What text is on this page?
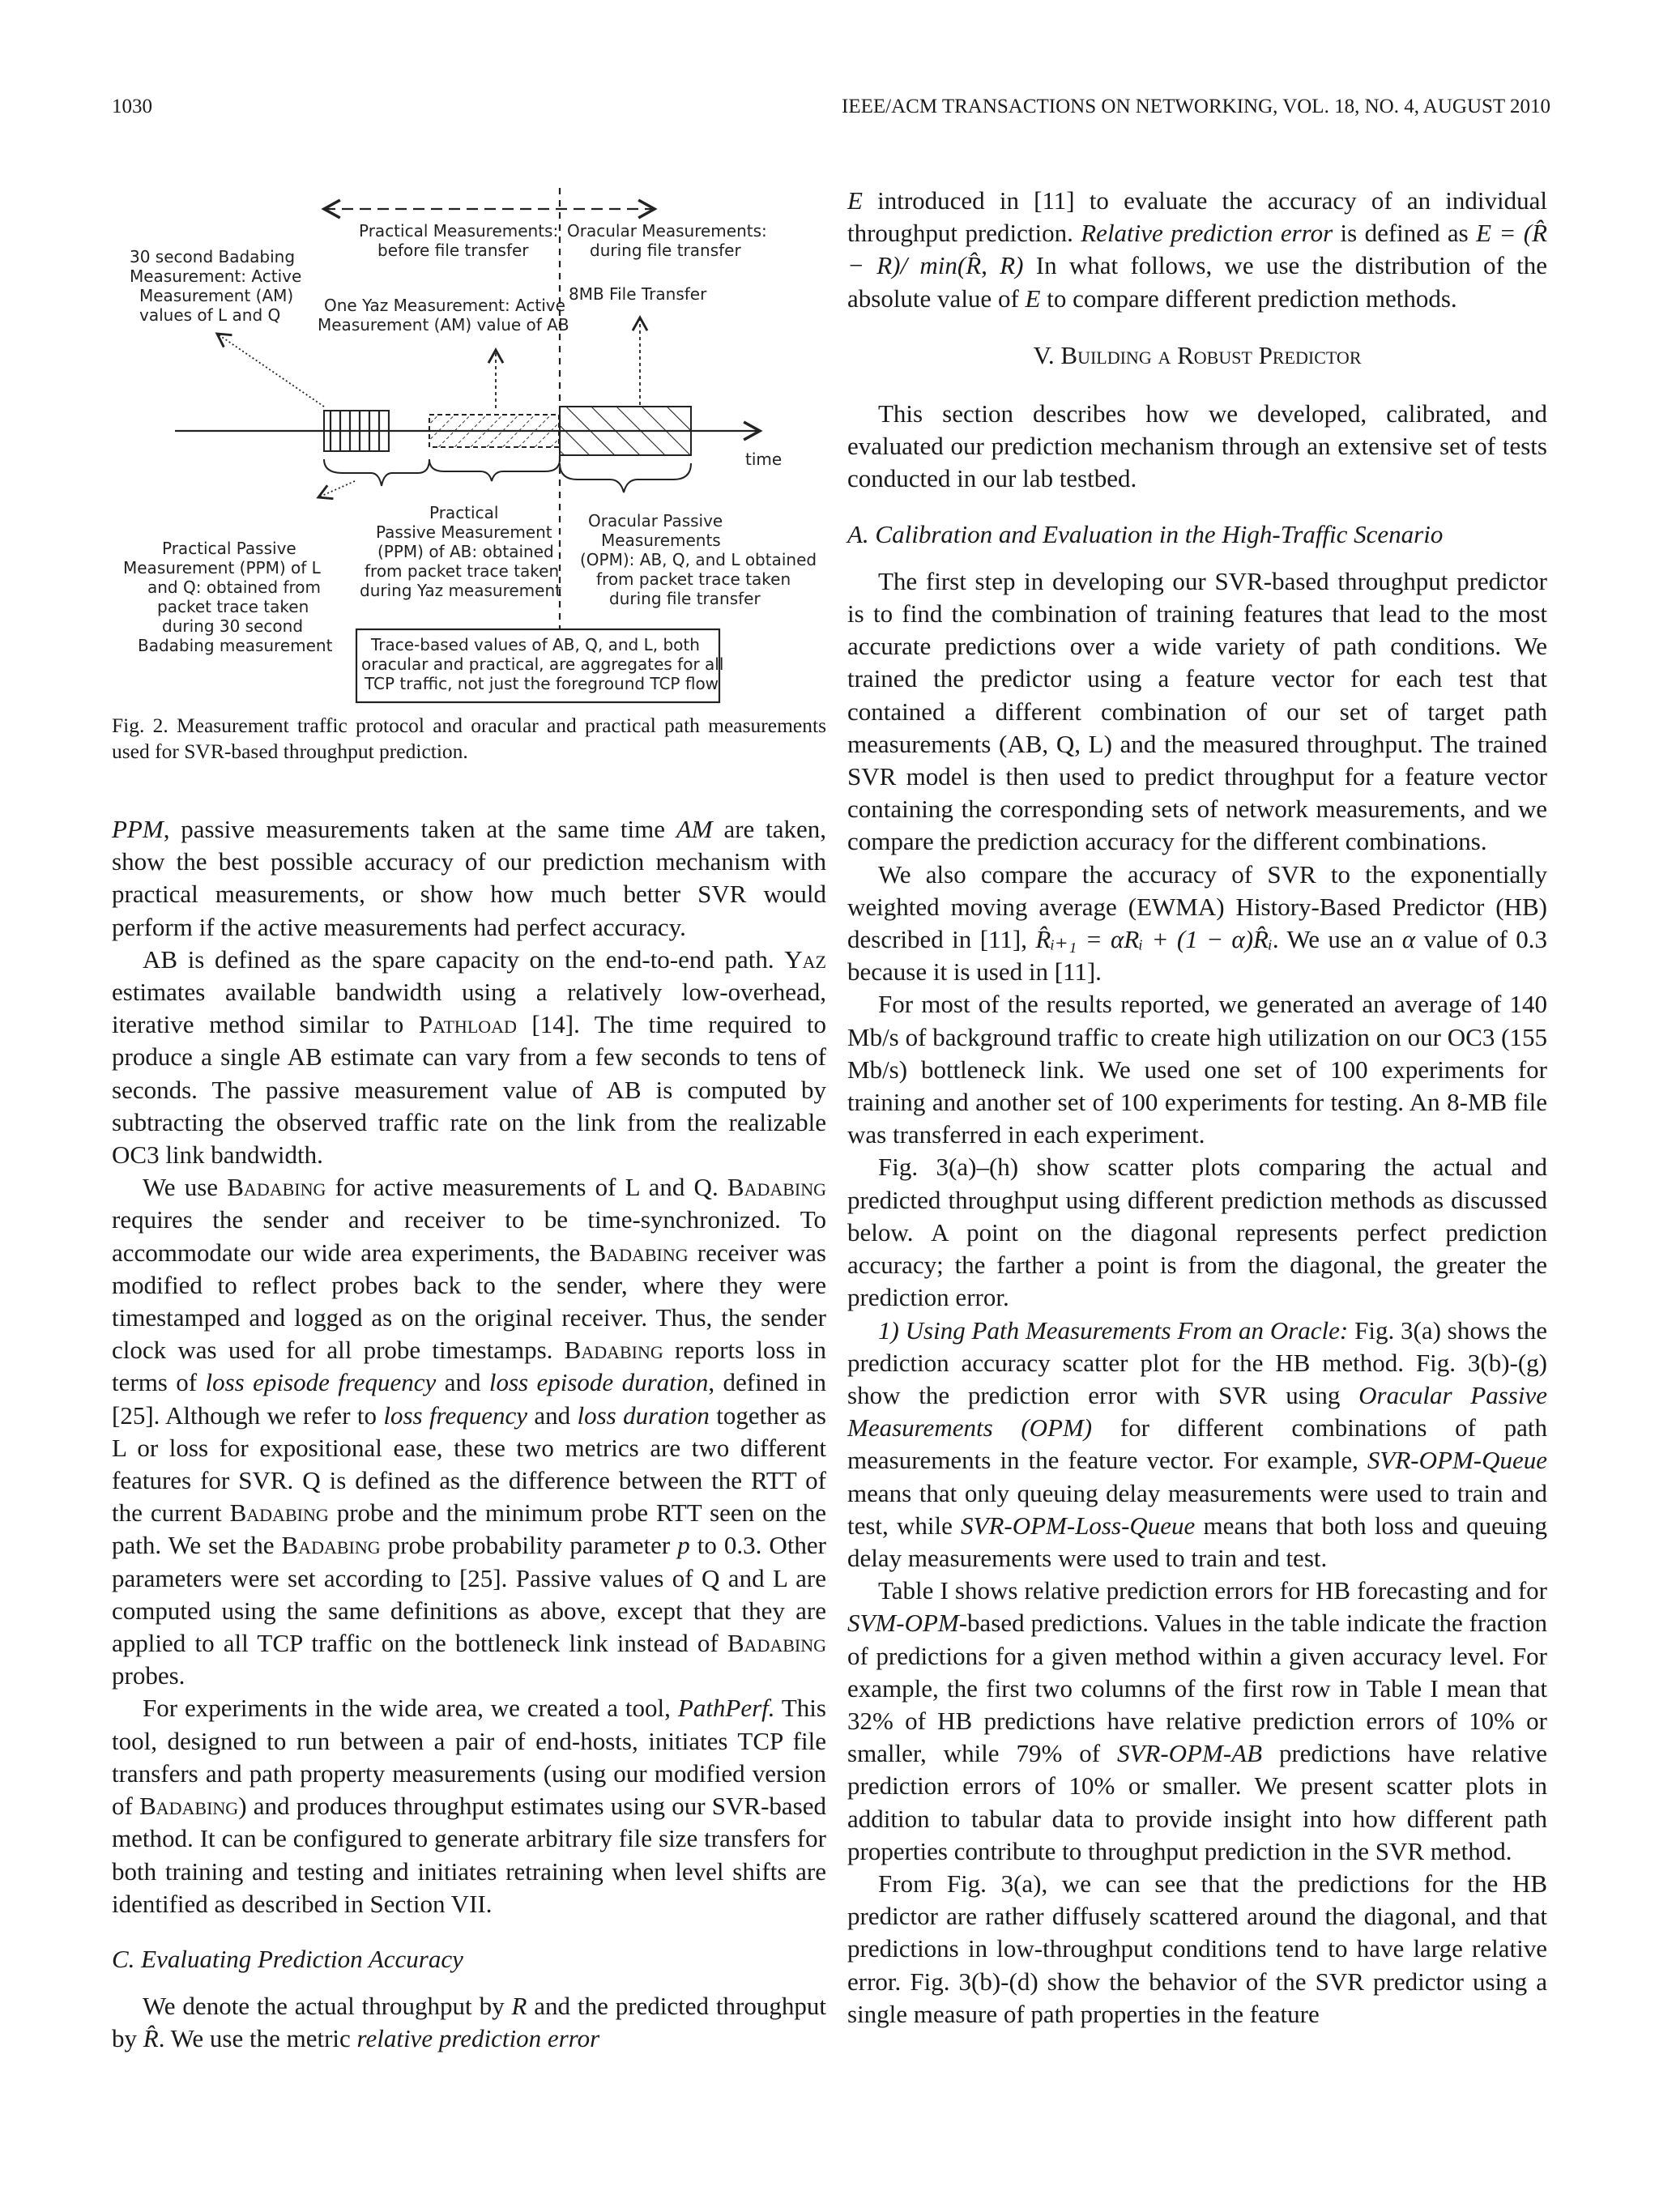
1030	IEEE/ACM TRANSACTIONS ON NETWORKING, VOL. 18, NO. 4, AUGUST 2010
Practical Measurements:
before file transfer
Oracular Measurements:
during file transfer
30 second Badabing
Measurement: Active
Measurement (AM)
values of L and Q	One Yaz Measurement: Active
Measurement (AM) value of AB
8MB File Transfer
time
Practical
Passive Measurement
(PPM) of AB: obtained
from packet trace taken
during Yaz measurement
Oracular Passive
Measurements
(OPM): AB, Q, and L obtained
from packet trace taken
during file transfer
Practical Passive
Measurement (PPM) of L
and Q: obtained from
packet trace taken
during 30 second
Badabing measurement Trace-based values of AB, Q, and L, both
oracular and practical, are aggregates for all
TCP traffic, not just the foreground TCP flow
Fig. 2. Measurement traffic protocol and oracular and practical path measurements used for SVR-based throughput prediction.

PPM, passive measurements taken at the same time AM are taken, show the best possible accuracy of our prediction mechanism with practical measurements, or show how much better SVR would perform if the active measurements had perfect accuracy.

AB is defined as the spare capacity on the end-to-end path. Yaz estimates available bandwidth using a relatively low-overhead, iterative method similar to Pathload [14]. The time required to produce a single AB estimate can vary from a few seconds to tens of seconds. The passive measurement value of AB is computed by subtracting the observed traffic rate on the link from the realizable OC3 link bandwidth.

We use Badabing for active measurements of L and Q. Badabing requires the sender and receiver to be time-synchronized. To accommodate our wide area experiments, the Badabing receiver was modified to reflect probes back to the sender, where they were timestamped and logged as on the original receiver. Thus, the sender clock was used for all probe timestamps. Badabing reports loss in terms of loss episode frequency and loss episode duration, defined in [25]. Although we refer to loss frequency and loss duration together as L or loss for expositional ease, these two metrics are two different features for SVR. Q is defined as the difference between the RTT of the current Badabing probe and the minimum probe RTT seen on the path. We set the Badabing probe probability parameter p to 0.3. Other parameters were set according to [25]. Passive values of Q and L are computed using the same definitions as above, except that they are applied to all TCP traffic on the bottleneck link instead of Badabing probes.

For experiments in the wide area, we created a tool, PathPerf. This tool, designed to run between a pair of end-hosts, initiates TCP file transfers and path property measurements (using our modified version of Badabing) and produces throughput estimates using our SVR-based method. It can be configured to generate arbitrary file size transfers for both training and testing and initiates retraining when level shifts are identified as described in Section VII.

C. Evaluating Prediction Accuracy

We denote the actual throughput by R and the predicted throughput by R̂. We use the metric relative prediction error

E introduced in [11] to evaluate the accuracy of an individual throughput prediction. Relative prediction error is defined as E = (R̂ − R)/ min(R̂, R) In what follows, we use the distribution of the absolute value of E to compare different prediction methods.

V. Building a Robust Predictor

This section describes how we developed, calibrated, and evaluated our prediction mechanism through an extensive set of tests conducted in our lab testbed.

A. Calibration and Evaluation in the High-Traffic Scenario

The first step in developing our SVR-based throughput predictor is to find the combination of training features that lead to the most accurate predictions over a wide variety of path conditions. We trained the predictor using a feature vector for each test that contained a different combination of our set of target path measurements (AB, Q, L) and the measured throughput. The trained SVR model is then used to predict throughput for a feature vector containing the corresponding sets of network measurements, and we compare the prediction accuracy for the different combinations.

We also compare the accuracy of SVR to the exponentially weighted moving average (EWMA) History-Based Predictor (HB) described in [11], R̂ᵢ₊₁ = αRᵢ + (1 − α)R̂ᵢ. We use an α value of 0.3 because it is used in [11].

For most of the results reported, we generated an average of 140 Mb/s of background traffic to create high utilization on our OC3 (155 Mb/s) bottleneck link. We used one set of 100 experiments for training and another set of 100 experiments for testing. An 8-MB file was transferred in each experiment.

Fig. 3(a)–(h) show scatter plots comparing the actual and predicted throughput using different prediction methods as discussed below. A point on the diagonal represents perfect prediction accuracy; the farther a point is from the diagonal, the greater the prediction error.

1) Using Path Measurements From an Oracle: Fig. 3(a) shows the prediction accuracy scatter plot for the HB method. Fig. 3(b)-(g) show the prediction error with SVR using Oracular Passive Measurements (OPM) for different combinations of path measurements in the feature vector. For example, SVR-OPM-Queue means that only queuing delay measurements were used to train and test, while SVR-OPM-Loss-Queue means that both loss and queuing delay measurements were used to train and test.

Table I shows relative prediction errors for HB forecasting and for SVM-OPM-based predictions. Values in the table indicate the fraction of predictions for a given method within a given accuracy level. For example, the first two columns of the first row in Table I mean that 32% of HB predictions have relative prediction errors of 10% or smaller, while 79% of SVR-OPM-AB predictions have relative prediction errors of 10% or smaller. We present scatter plots in addition to tabular data to provide insight into how different path properties contribute to throughput prediction in the SVR method.

From Fig. 3(a), we can see that the predictions for the HB predictor are rather diffusely scattered around the diagonal, and that predictions in low-throughput conditions tend to have large relative error. Fig. 3(b)-(d) show the behavior of the SVR predictor using a single measure of path properties in the feature
